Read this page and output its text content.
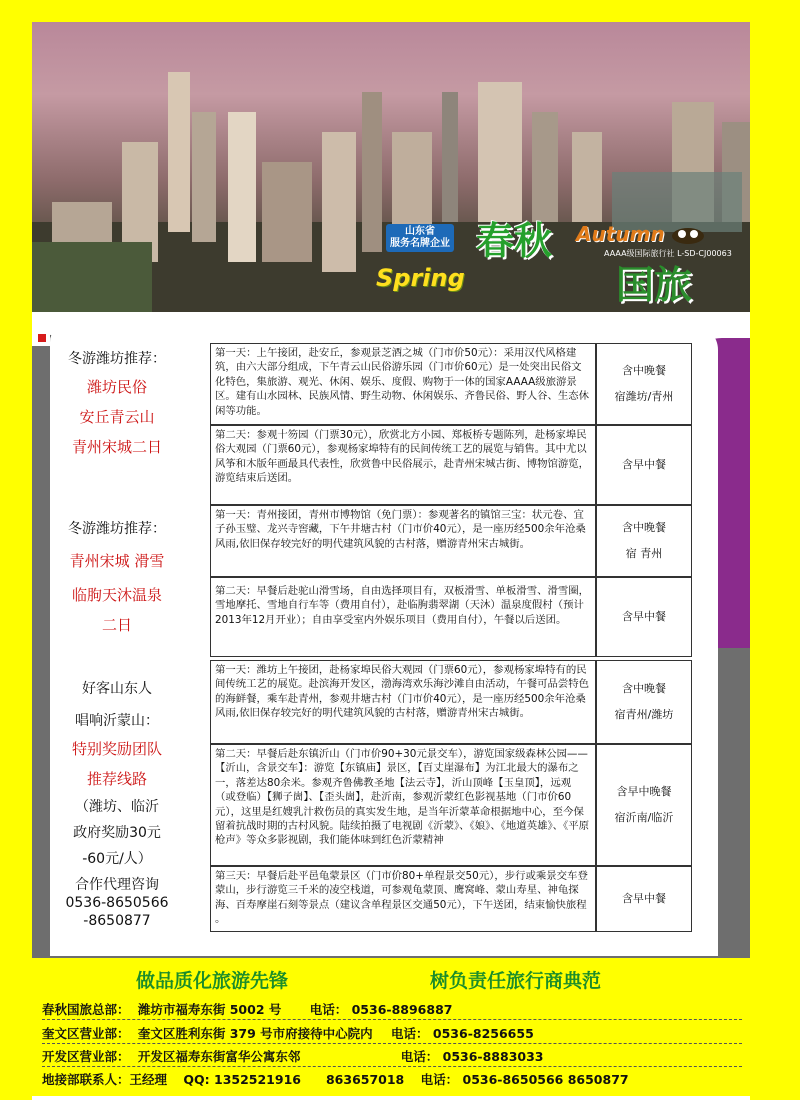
山东省
服务名牌企业 春秋 Autumn
AAAA级国际旅行社 L-SD-CJ00063
Spring	国旅
冬游潍坊推荐：
潍坊民俗
安丘青云山
青州宋城二日
第一天：上午接团，赴安丘，参观景芝酒之城（门市价50元）：采用汉代风格建筑，由六大部分组成，下午青云山民俗游乐园（门市价60元）是一处突出民俗文化特色，集旅游、观光、休闲、娱乐、度假、购物于一体的国家AAAA级旅游景区。建有山水园林、民族风情、野生动物、休闲娱乐、齐鲁民俗、野人谷、生态休闲等功能。
含中晚餐
宿潍坊/青州
第二天：参观十笏园（门票30元），欣赏北方小园、郑板桥专题陈列，赴杨家埠民俗大观园（门票60元），参观杨家埠特有的民间传统工艺的展览与销售。其中尤以风筝和木版年画最具代表性，欣赏鲁中民俗展示，赴青州宋城古街、博物馆游览，游览结束后送团。
含早中餐
冬游潍坊推荐：
青州宋城 滑雪
临朐天沐温泉
二日
第一天：青州接团，青州市博物馆（免门票）：参观著名的镇馆三宝：状元卷、宜子孙玉璧、龙兴寺窖藏，下午井塘古村（门市价40元），是一座历经500余年沧桑风雨,依旧保存较完好的明代建筑风貌的古村落，赠游青州宋古城街。
含中晚餐
宿 青州
第二天：早餐后赴驼山滑雪场，自由选择项目有，双板滑雪、单板滑雪、滑雪圈，雪地摩托、雪地自行车等（费用自付），赴临朐翡翠湖（天沐）温泉度假村（预计2013年12月开业）；自由享受室内外娱乐项目（费用自付），午餐以后送团。	含早中餐
好客山东人
唱响沂蒙山：
特别奖励团队
推荐线路
（潍坊、临沂
政府奖励30元
-60元/人）
合作代理咨询
0536-8650566
-8650877
第一天：潍坊上午接团，赴杨家埠民俗大观园（门票60元），参观杨家埠特有的民间传统工艺的展览。赴滨海开发区，渤海湾欢乐海沙滩自由活动，午餐可品尝特色的海鲜餐，乘车赴青州，参观井塘古村（门市价40元），是一座历经500余年沧桑风雨,依旧保存较完好的明代建筑风貌的古村落，赠游青州宋古城街。
含中晚餐
宿青州/潍坊
第二天：早餐后赴东镇沂山（门市价90+30元景交车），游览国家级森林公园——【沂山，含景交车】：游览【东镇庙】景区，【百丈崖瀑布】为江北最大的瀑布之一，落差达80余米。参观齐鲁佛教圣地【法云寺】，沂山顶峰【玉皇顶】，远观（或登临）【狮子崮】、【歪头崮】，赴沂南，参观沂蒙红色影视基地（门市价60元），这里是红嫂乳汁救伤员的真实发生地，是当年沂蒙革命根据地中心，至今保留着抗战时期的古村风貌。陆续拍摄了电视剧《沂蒙》、《娘》、《地道英雄》、《平原枪声》等众多影视剧，我们能体味到红色沂蒙精神
含早中晚餐
宿沂南/临沂
第三天：早餐后赴平邑龟蒙景区（门市价80+单程景交50元），步行或乘景交车登蒙山，步行游览三千米的凌空栈道，可参观龟蒙顶、鹰窝峰、蒙山寿星、神龟探海、百寿摩崖石刻等景点（建议含单程景区交通50元），下午送团，结束愉快旅程 。
含早中餐
做品质化旅游先锋	树负责任旅行商典范
春秋国旅总部： 潍坊市福寿东街 5002 号 电话： 0536-8896887
奎文区营业部： 奎文区胜利东街 379 号市府接待中心院内 电话： 0536-8256655
开发区营业部： 开发区福寿东街富华公寓东邻	电话： 0536-8883033
地接部联系人：王经理 QQ: 1352521916　　863657018 电话： 0536-8650566 8650877
